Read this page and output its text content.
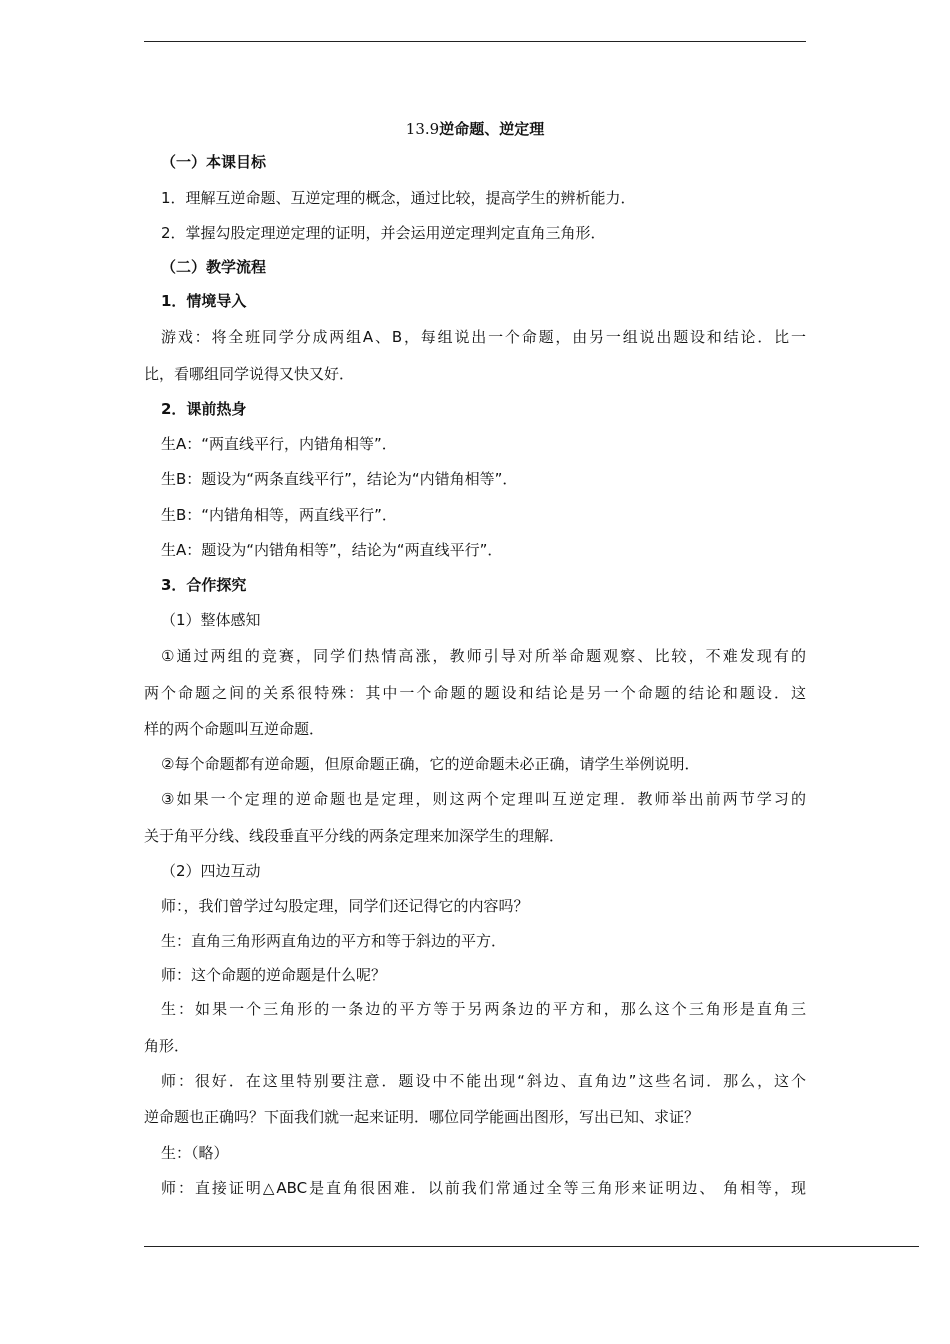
13.9逆命题、逆定理
（一）本课目标
1．理解互逆命题、互逆定理的概念，通过比较，提高学生的辨析能力．
2．掌握勾股定理逆定理的证明，并会运用逆定理判定直角三角形．
（二）教学流程
1．情境导入
游戏：将全班同学分成两组A、B，每组说出一个命题，由另一组说出题设和结论．比一
比，看哪组同学说得又快又好．
2．课前热身
生A：“两直线平行，内错角相等”．
生B：题设为“两条直线平行”，结论为“内错角相等”．
生B：“内错角相等，两直线平行”．
生A：题设为“内错角相等”，结论为“两直线平行”．
3．合作探究
（1）整体感知
①通过两组的竞赛，同学们热情高涨，教师引导对所举命题观察、比较，不难发现有的
两个命题之间的关系很特殊：其中一个命题的题设和结论是另一个命题的结论和题设．这
样的两个命题叫互逆命题．
②每个命题都有逆命题，但原命题正确，它的逆命题未必正确，请学生举例说明．
③如果一个定理的逆命题也是定理，则这两个定理叫互逆定理．教师举出前两节学习的
关于角平分线、线段垂直平分线的两条定理来加深学生的理解．
（2）四边互动
师：，我们曾学过勾股定理，同学们还记得它的内容吗？
生：直角三角形两直角边的平方和等于斜边的平方．
师：这个命题的逆命题是什么呢？
生：如果一个三角形的一条边的平方等于另两条边的平方和，那么这个三角形是直角三
角形．
师：很好．在这里特别要注意．题设中不能出现“斜边、直角边”这些名词．那么，这个
逆命题也正确吗？下面我们就一起来证明．哪位同学能画出图形，写出已知、求证？
生：（略）
师：直接证明△ABC是直角很困难．以前我们常通过全等三角形来证明边、 角相等，现
